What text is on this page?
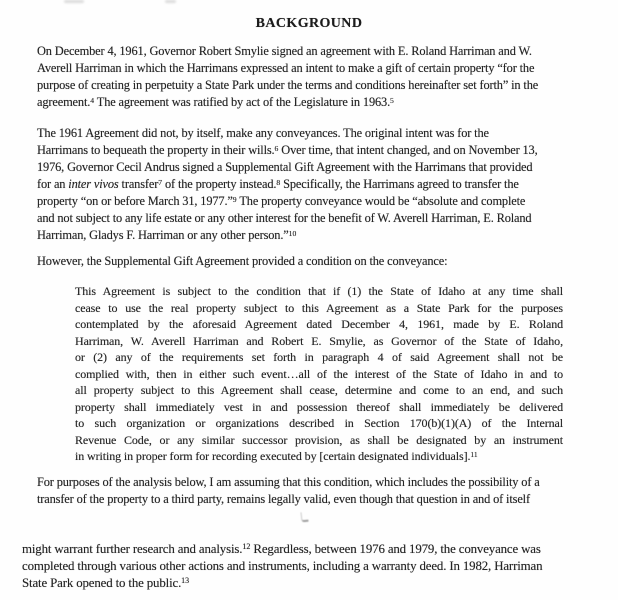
BACKGROUND
On December 4, 1961, Governor Robert Smylie signed an agreement with E. Roland Harriman and W.
Averell Harriman in which the Harrimans expressed an intent to make a gift of certain property “for the
purpose of creating in perpetuity a State Park under the terms and conditions hereinafter set forth” in the
agreement.$^4$ The agreement was ratified by act of the Legislature in 1963.$^5$
The 1961 Agreement did not, by itself, make any conveyances. The original intent was for the
Harrimans to bequeath the property in their wills.$^6$ Over time, that intent changed, and on November 13,
1976, Governor Cecil Andrus signed a Supplemental Gift Agreement with the Harrimans that provided
for an inter vivos transfer$^7$ of the property instead.$^8$ Specifically, the Harrimans agreed to transfer the
property “on or before March 31, 1977.”$^9$ The property conveyance would be “absolute and complete
and not subject to any life estate or any other interest for the benefit of W. Averell Harriman, E. Roland
Harriman, Gladys F. Harriman or any other person.”$^{10}$
However, the Supplemental Gift Agreement provided a condition on the conveyance:
This Agreement is subject to the condition that if (1) the State of Idaho at any time shall
cease to use the real property subject to this Agreement as a State Park for the purposes
contemplated by the aforesaid Agreement dated December 4, 1961, made by E. Roland
Harriman, W. Averell Harriman and Robert E. Smylie, as Governor of the State of Idaho,
or (2) any of the requirements set forth in paragraph 4 of said Agreement shall not be
complied with, then in either such event…all of the interest of the State of Idaho in and to
all property subject to this Agreement shall cease, determine and come to an end, and such
property shall immediately vest in and possession thereof shall immediately be delivered
to such organization or organizations described in Section 170(b)(1)(A) of the Internal
Revenue Code, or any similar successor provision, as shall be designated by an instrument
in writing in proper form for recording executed by [certain designated individuals].$^{11}$
For purposes of the analysis below, I am assuming that this condition, which includes the possibility of a
transfer of the property to a third party, remains legally valid, even though that question in and of itself
might warrant further research and analysis.$^{12}$ Regardless, between 1976 and 1979, the conveyance was
completed through various other actions and instruments, including a warranty deed. In 1982, Harriman
State Park opened to the public.$^{13}$
